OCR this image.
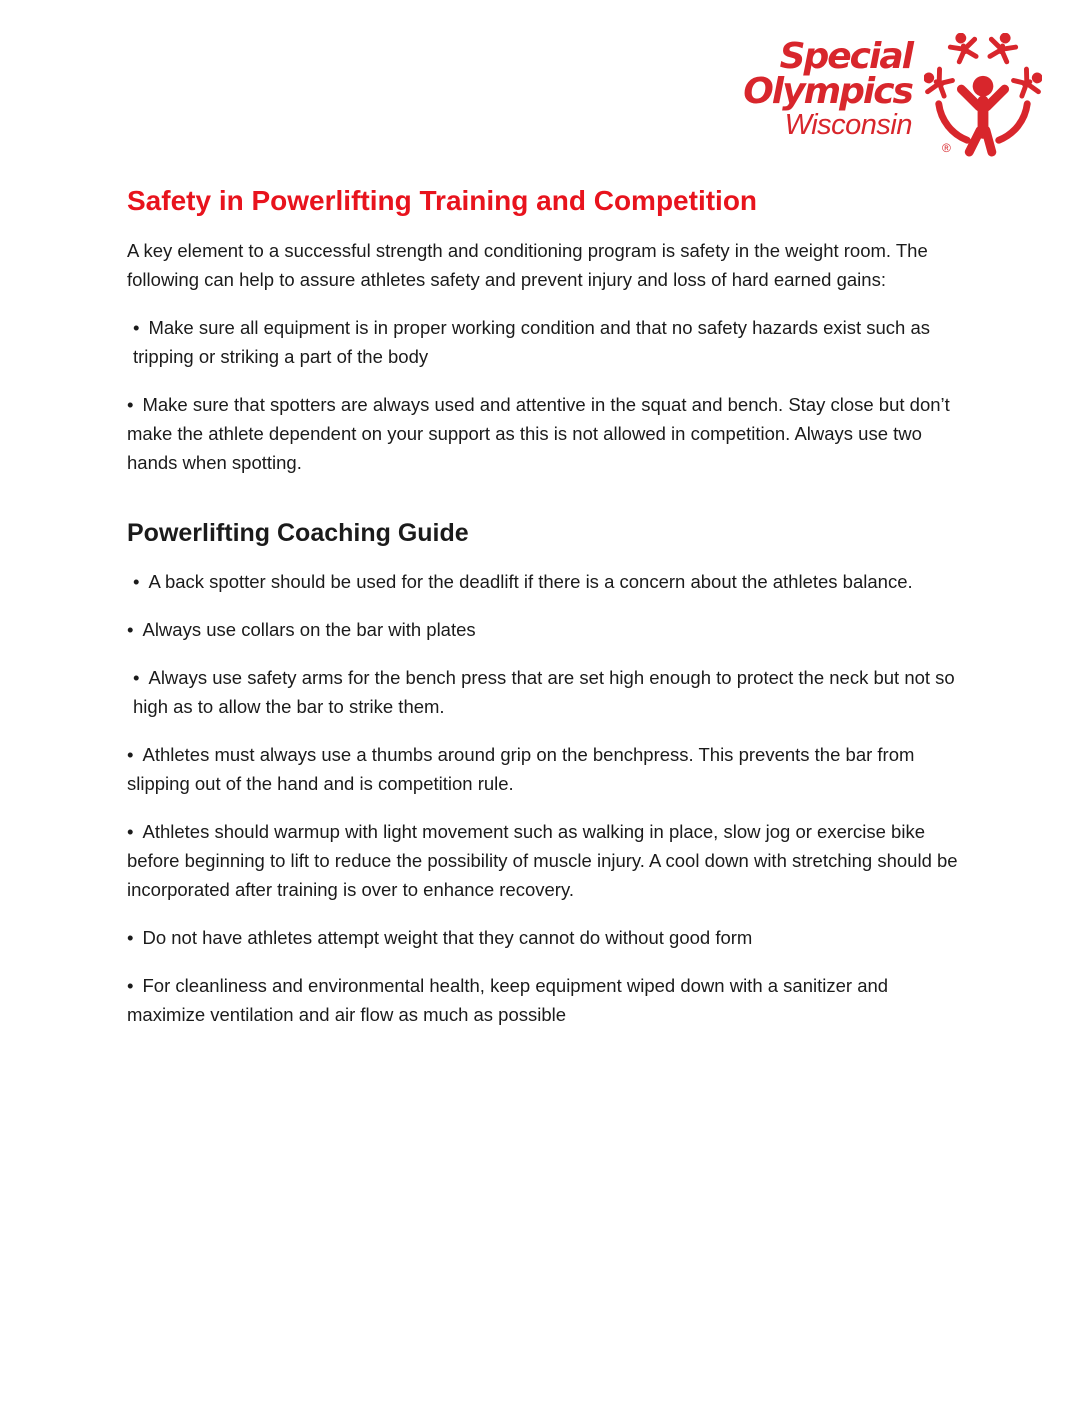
Special
Olympics
Wisconsin
®
Safety in Powerlifting Training and Competition

A key element to a successful strength and conditioning program is safety in the weight room. The following can help to assure athletes safety and prevent injury and loss of hard earned gains:

• Make sure all equipment is in proper working condition and that no safety hazards exist such as tripping or striking a part of the body

• Make sure that spotters are always used and attentive in the squat and bench. Stay close but don’t make the athlete dependent on your support as this is not allowed in competition. Always use two hands when spotting.

Powerlifting Coaching Guide

• A back spotter should be used for the deadlift if there is a concern about the athletes balance.

• Always use collars on the bar with plates

• Always use safety arms for the bench press that are set high enough to protect the neck but not so high as to allow the bar to strike them.

• Athletes must always use a thumbs around grip on the benchpress. This prevents the bar from slipping out of the hand and is competition rule.

• Athletes should warmup with light movement such as walking in place, slow jog or exercise bike before beginning to lift to reduce the possibility of muscle injury. A cool down with stretching should be incorporated after training is over to enhance recovery.

• Do not have athletes attempt weight that they cannot do without good form

• For cleanliness and environmental health, keep equipment wiped down with a sanitizer and maximize ventilation and air flow as much as possible
